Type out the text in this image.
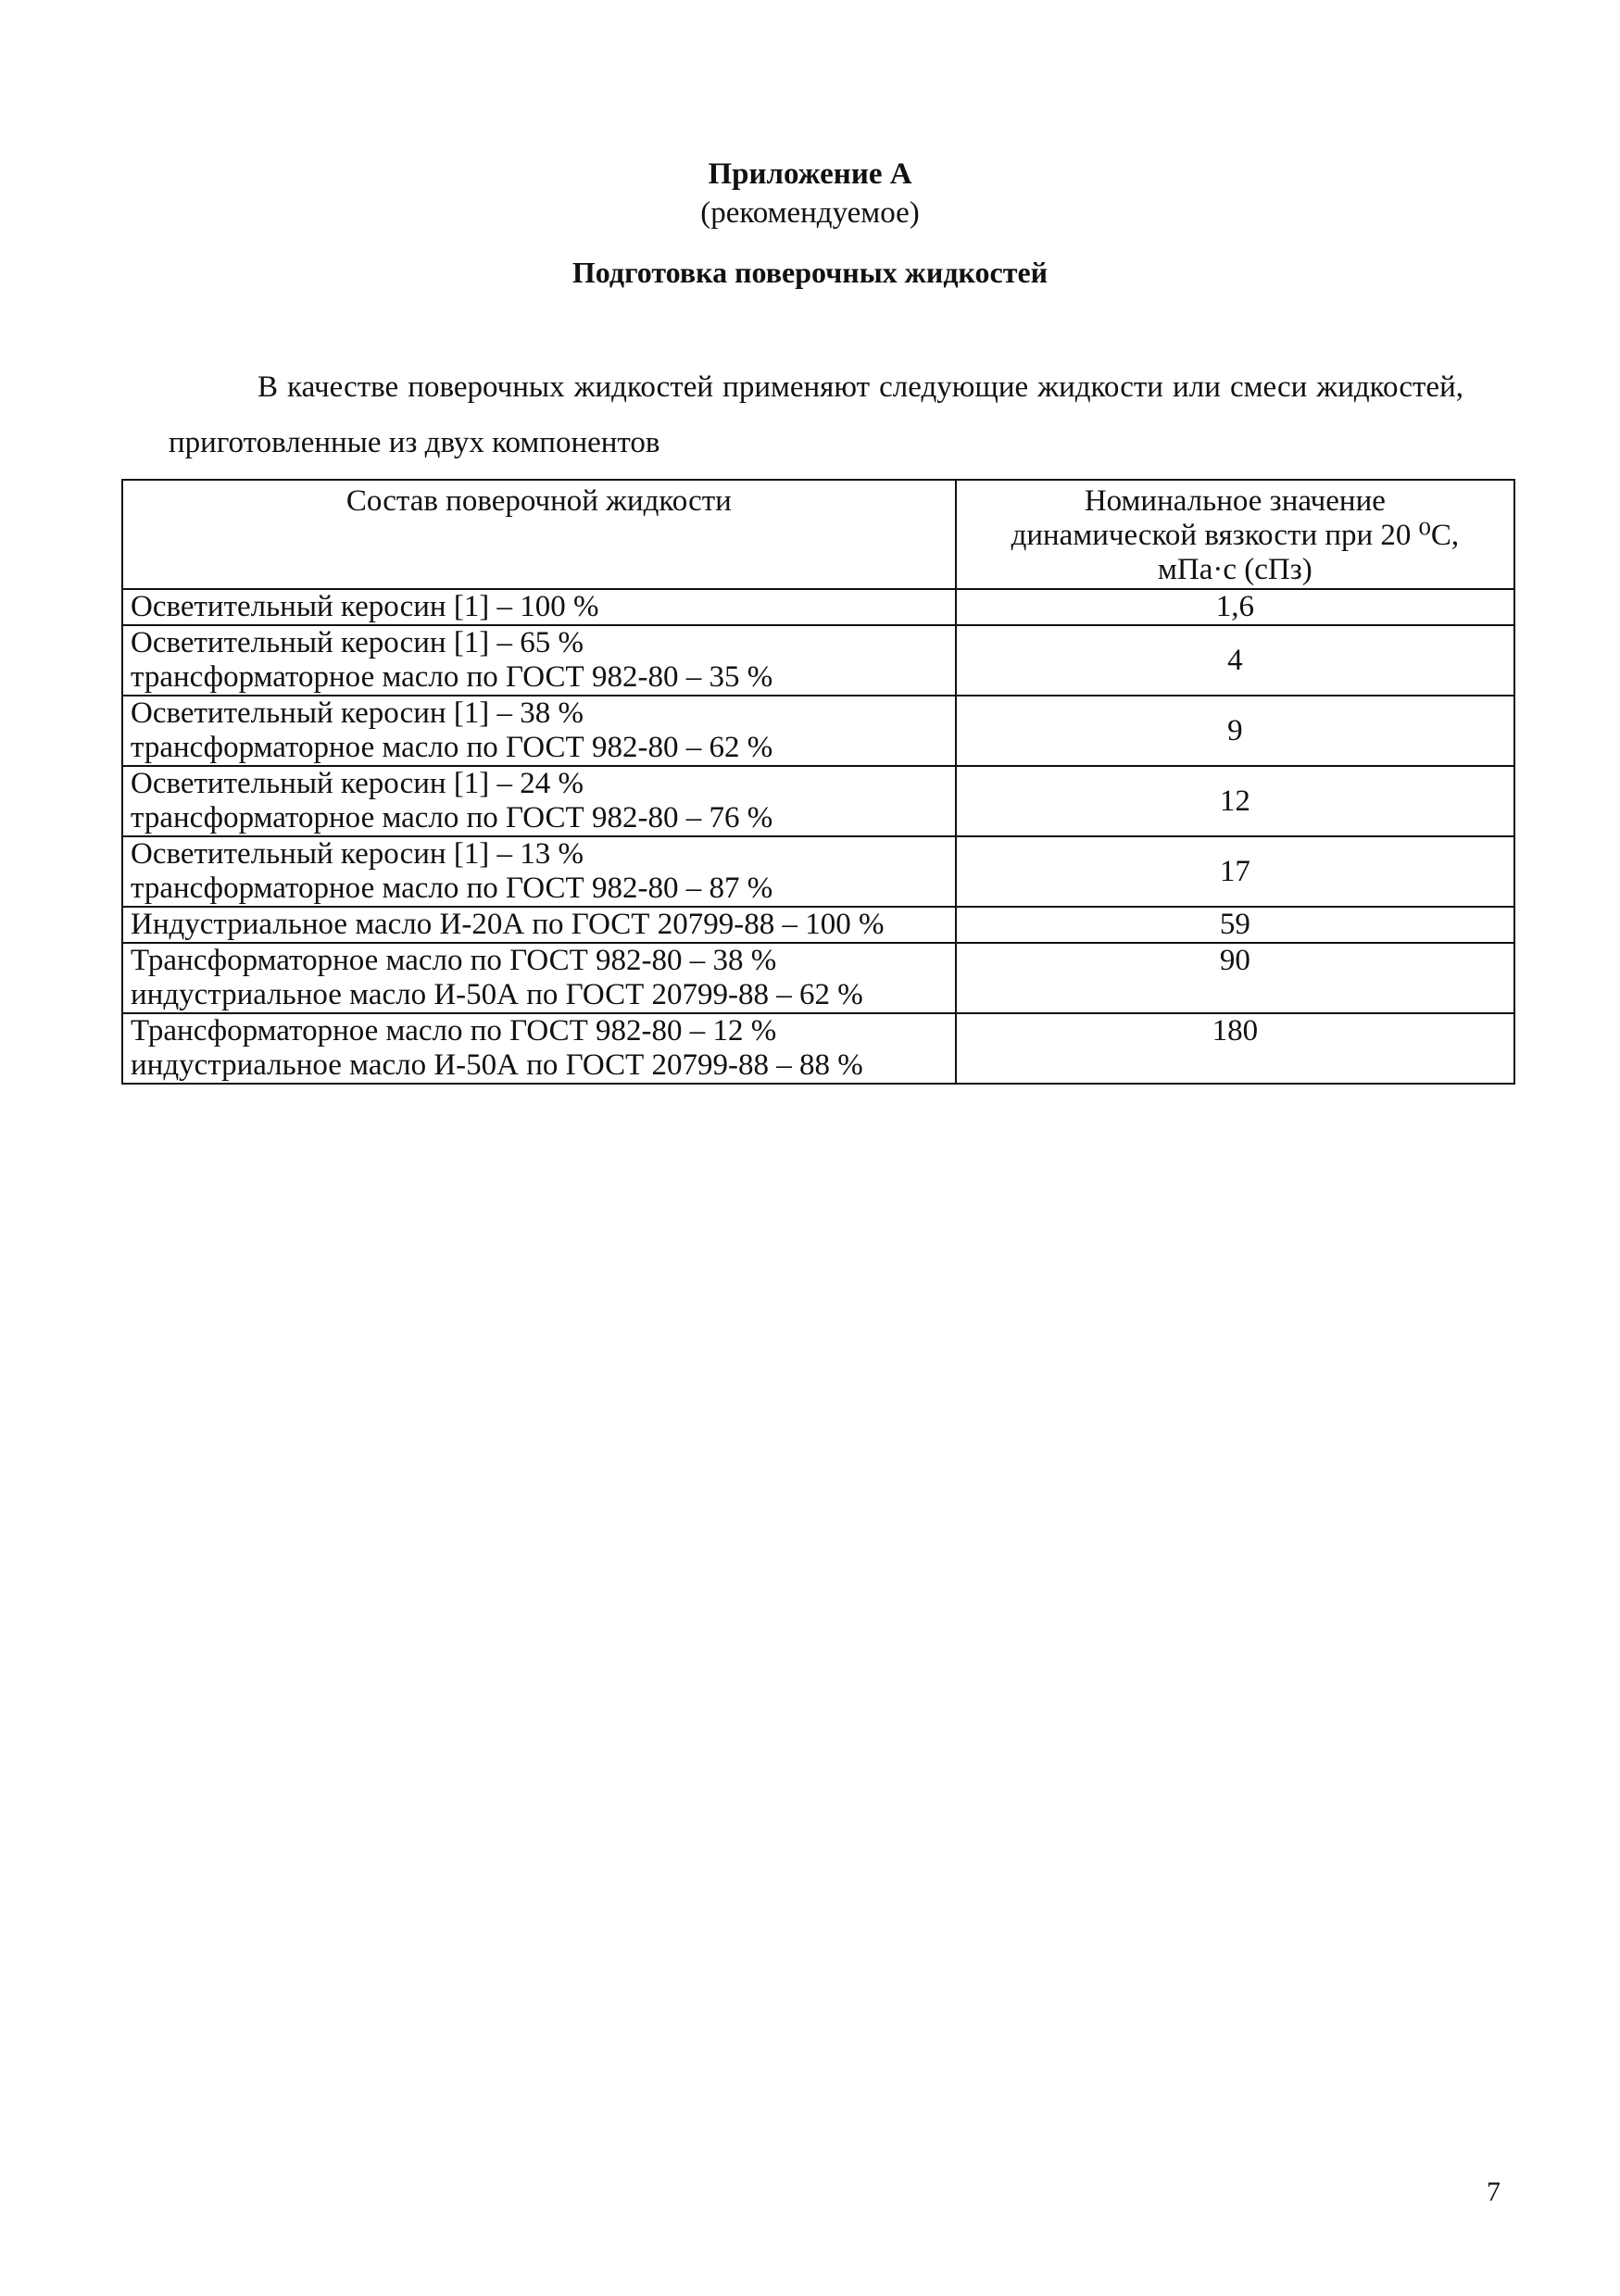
Приложение А
(рекомендуемое)
Подготовка поверочных жидкостей

В качестве поверочных жидкостей применяют следующие жидкости или смеси жидкостей, приготовленные из двух компонентов

Состав поверочной жидкости	Номинальное значение
динамической вязкости при 20 ⁰С,
мПа·с (сПз)

Осветительный керосин [1] – 100 %	1,6

Осветительный керосин [1] – 65 %
трансформаторное масло по ГОСТ 982-80 – 35 %	4

Осветительный керосин [1] – 38 %
трансформаторное масло по ГОСТ 982-80 – 62 %	9

Осветительный керосин [1] – 24 %
трансформаторное масло по ГОСТ 982-80 – 76 %	12

Осветительный керосин [1] – 13 %
трансформаторное масло по ГОСТ 982-80 – 87 %	17

Индустриальное масло И-20А по ГОСТ 20799-88 – 100 %	59

Трансформаторное масло по ГОСТ 982-80 – 38 %
индустриальное масло И-50А по ГОСТ 20799-88 – 62 %	90

Трансформаторное масло по ГОСТ 982-80 – 12 %
индустриальное масло И-50А по ГОСТ 20799-88 – 88 %	180
7
